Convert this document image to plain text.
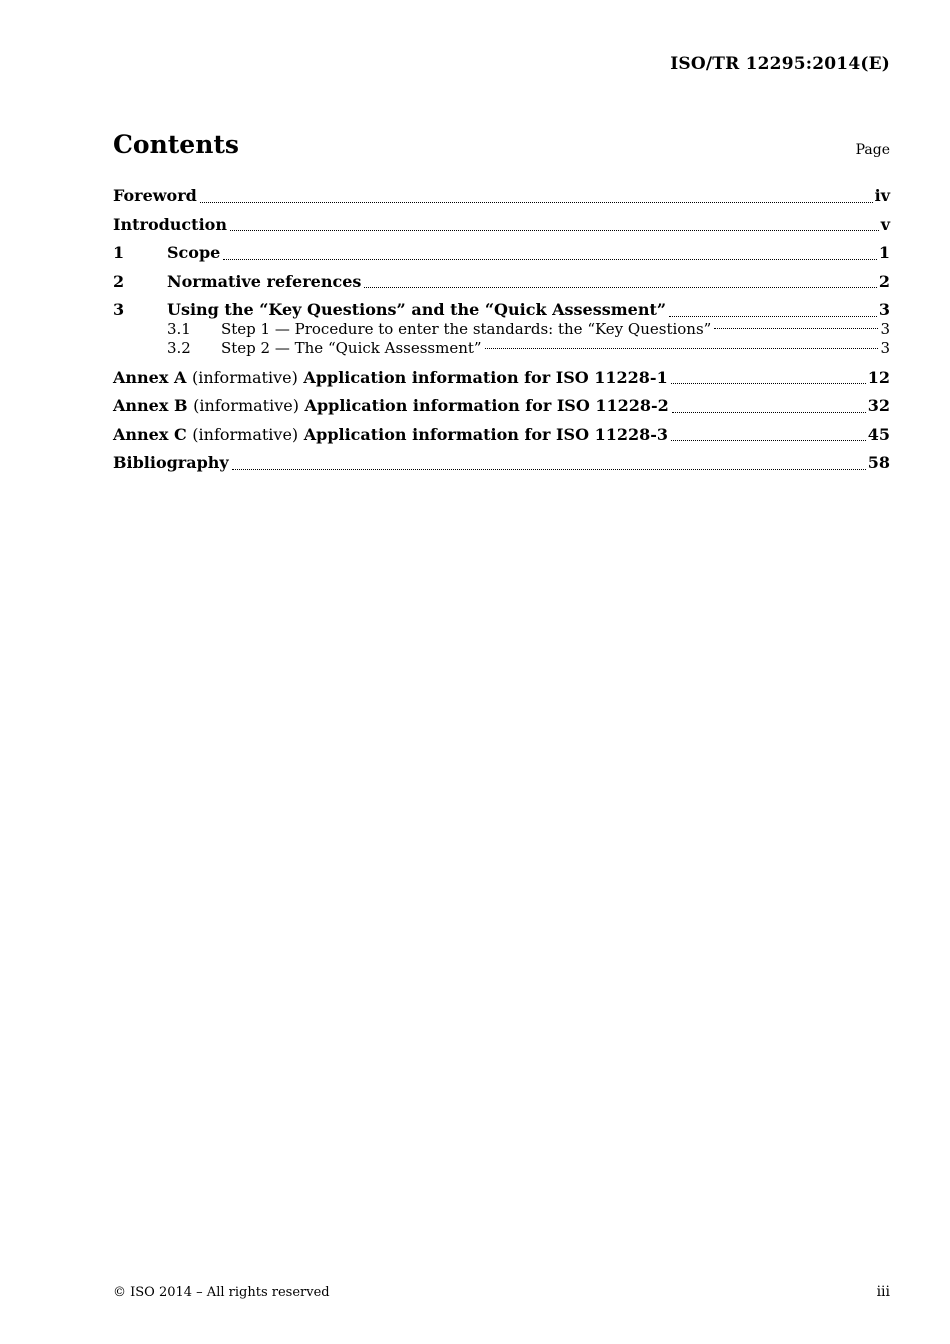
ISO/TR 12295:2014(E)
Contents	Page
Foreword	iv
Introduction	v
1	Scope	1
2	Normative references	2
3	Using the “Key Questions” and the “Quick Assessment”	3
3.1	Step 1 — Procedure to enter the standards: the “Key Questions”	3
3.2	Step 2 — The “Quick Assessment”	3
Annex A (informative) Application information for ISO 11228-1	12
Annex B (informative) Application information for ISO 11228-2	32
Annex C (informative) Application information for ISO 11228-3	45
Bibliography	58
© ISO 2014 – All rights reserved	iii
